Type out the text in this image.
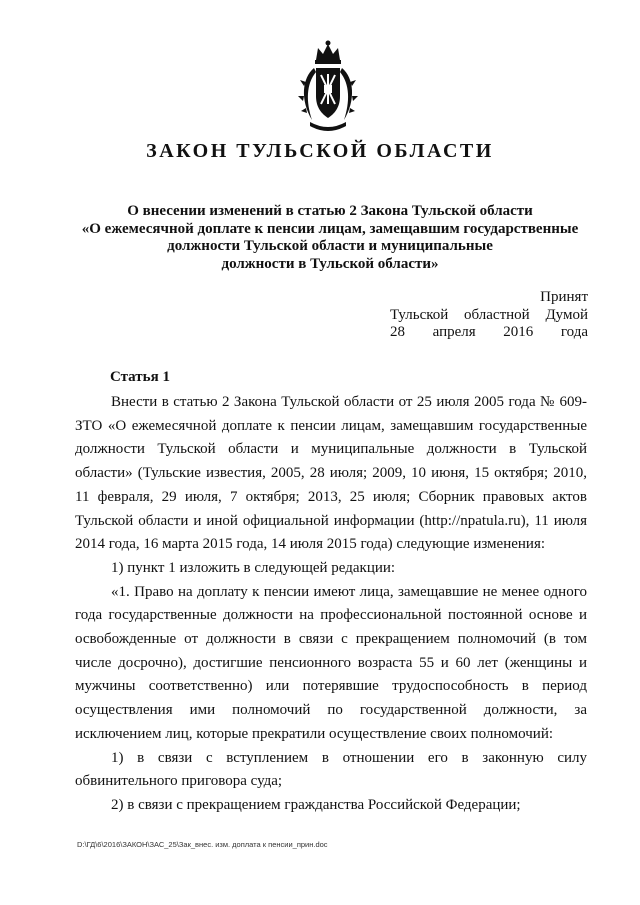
ЗАКОН ТУЛЬСКОЙ ОБЛАСТИ
О внесении изменений в статью 2 Закона Тульской области
«О ежемесячной доплате к пенсии лицам, замещавшим государственные
должности Тульской области и муниципальные
должности в Тульской области»
Принят
Тульской областной Думой
28 апреля 2016 года
Статья 1

Внести в статью 2 Закона Тульской области от 25 июля 2005 года № 609-ЗТО «О ежемесячной доплате к пенсии лицам, замещавшим государственные должности Тульской области и муниципальные должности в Тульской области» (Тульские известия, 2005, 28 июля; 2009, 10 июня, 15 октября; 2010, 11 февраля, 29 июля, 7 октября; 2013, 25 июля; Сборник правовых актов Тульской области и иной официальной информации (http://npatula.ru), 11 июля 2014 года, 16 марта 2015 года, 14 июля 2015 года) следующие изменения:

1) пункт 1 изложить в следующей редакции:

«1. Право на доплату к пенсии имеют лица, замещавшие не менее одного года государственные должности на профессиональной постоянной основе и освобожденные от должности в связи с прекращением полномочий (в том числе досрочно), достигшие пенсионного возраста 55 и 60 лет (женщины и мужчины соответственно) или потерявшие трудоспособность в период осуществления ими полномочий по государственной должности, за исключением лиц, которые прекратили осуществление своих полномочий:

1) в связи с вступлением в отношении его в законную силу обвинительного приговора суда;

2) в связи с прекращением гражданства Российской Федерации;

D:\ГД\6\2016\ЗАКОН\ЗАС_25\Зак_внес. изм. доплата к пенсии_прин.doc
